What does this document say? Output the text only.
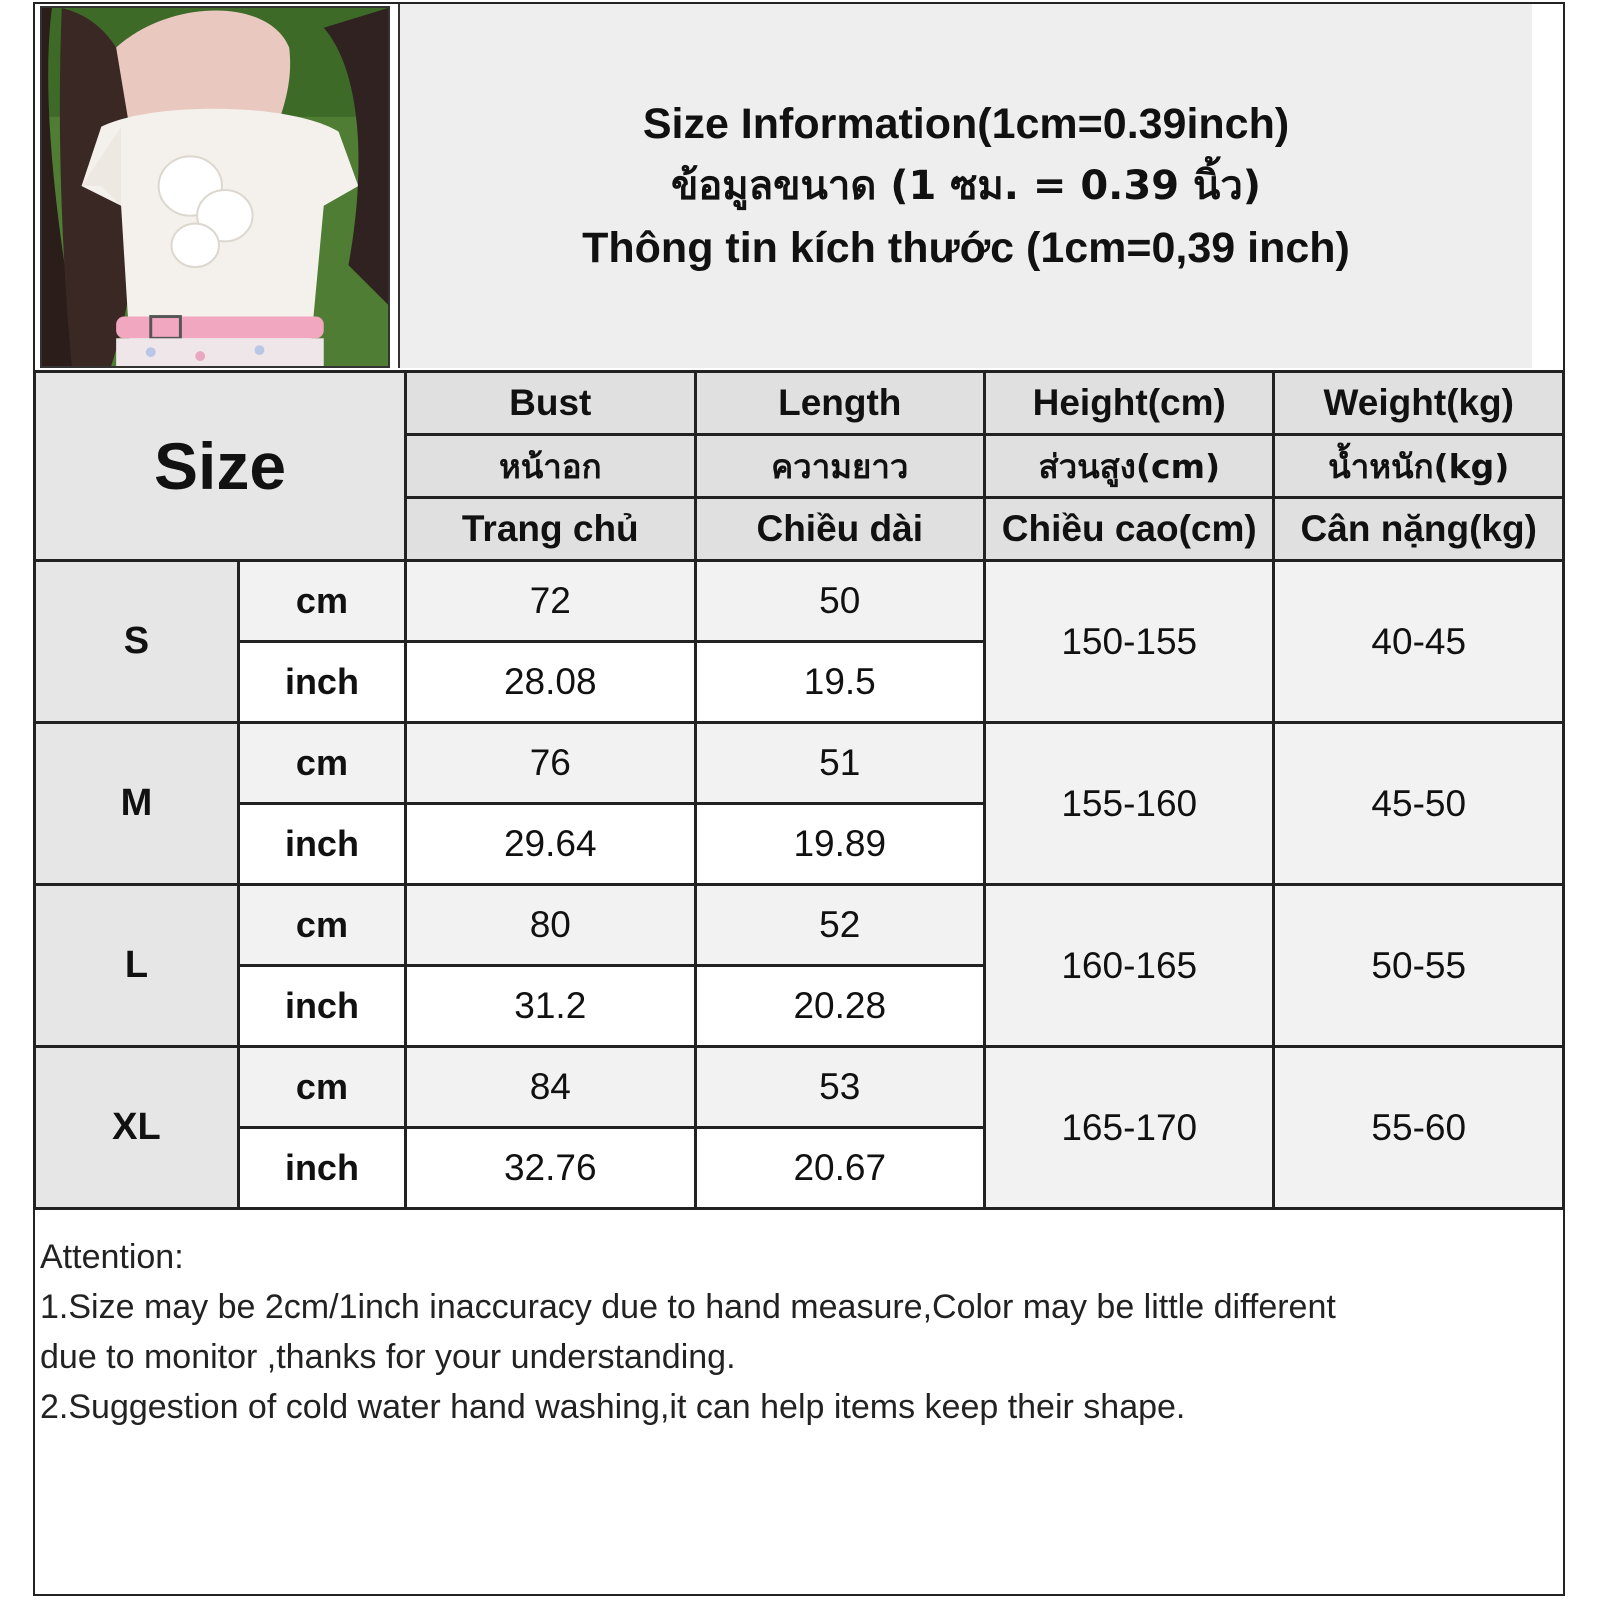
Size Information(1cm=0.39inch)
ข้อมูลขนาด (1 ซม. = 0.39 นิ้ว)
Thông tin kích thước (1cm=0,39 inch)
Size		Bust	Length	Height(cm)	Weight(kg)
		หน้าอก	ความยาว	ส่วนสูง(cm)	น้ำหนัก(kg)
		Trang chủ	Chiều dài	Chiều cao(cm)	Cân nặng(kg)
S	cm	72	50	150-155	40-45
	inch	28.08	19.5		
M	cm	76	51	155-160	45-50
	inch	29.64	19.89		
L	cm	80	52	160-165	50-55
	inch	31.2	20.28		
XL	cm	84	53	165-170	55-60
	inch	32.76	20.67		

Attention:

1.Size may be 2cm/1inch inaccuracy due to hand measure,Color may be little different

due to monitor ,thanks for your understanding.

2.Suggestion of cold water hand washing,it can help items keep their shape.
